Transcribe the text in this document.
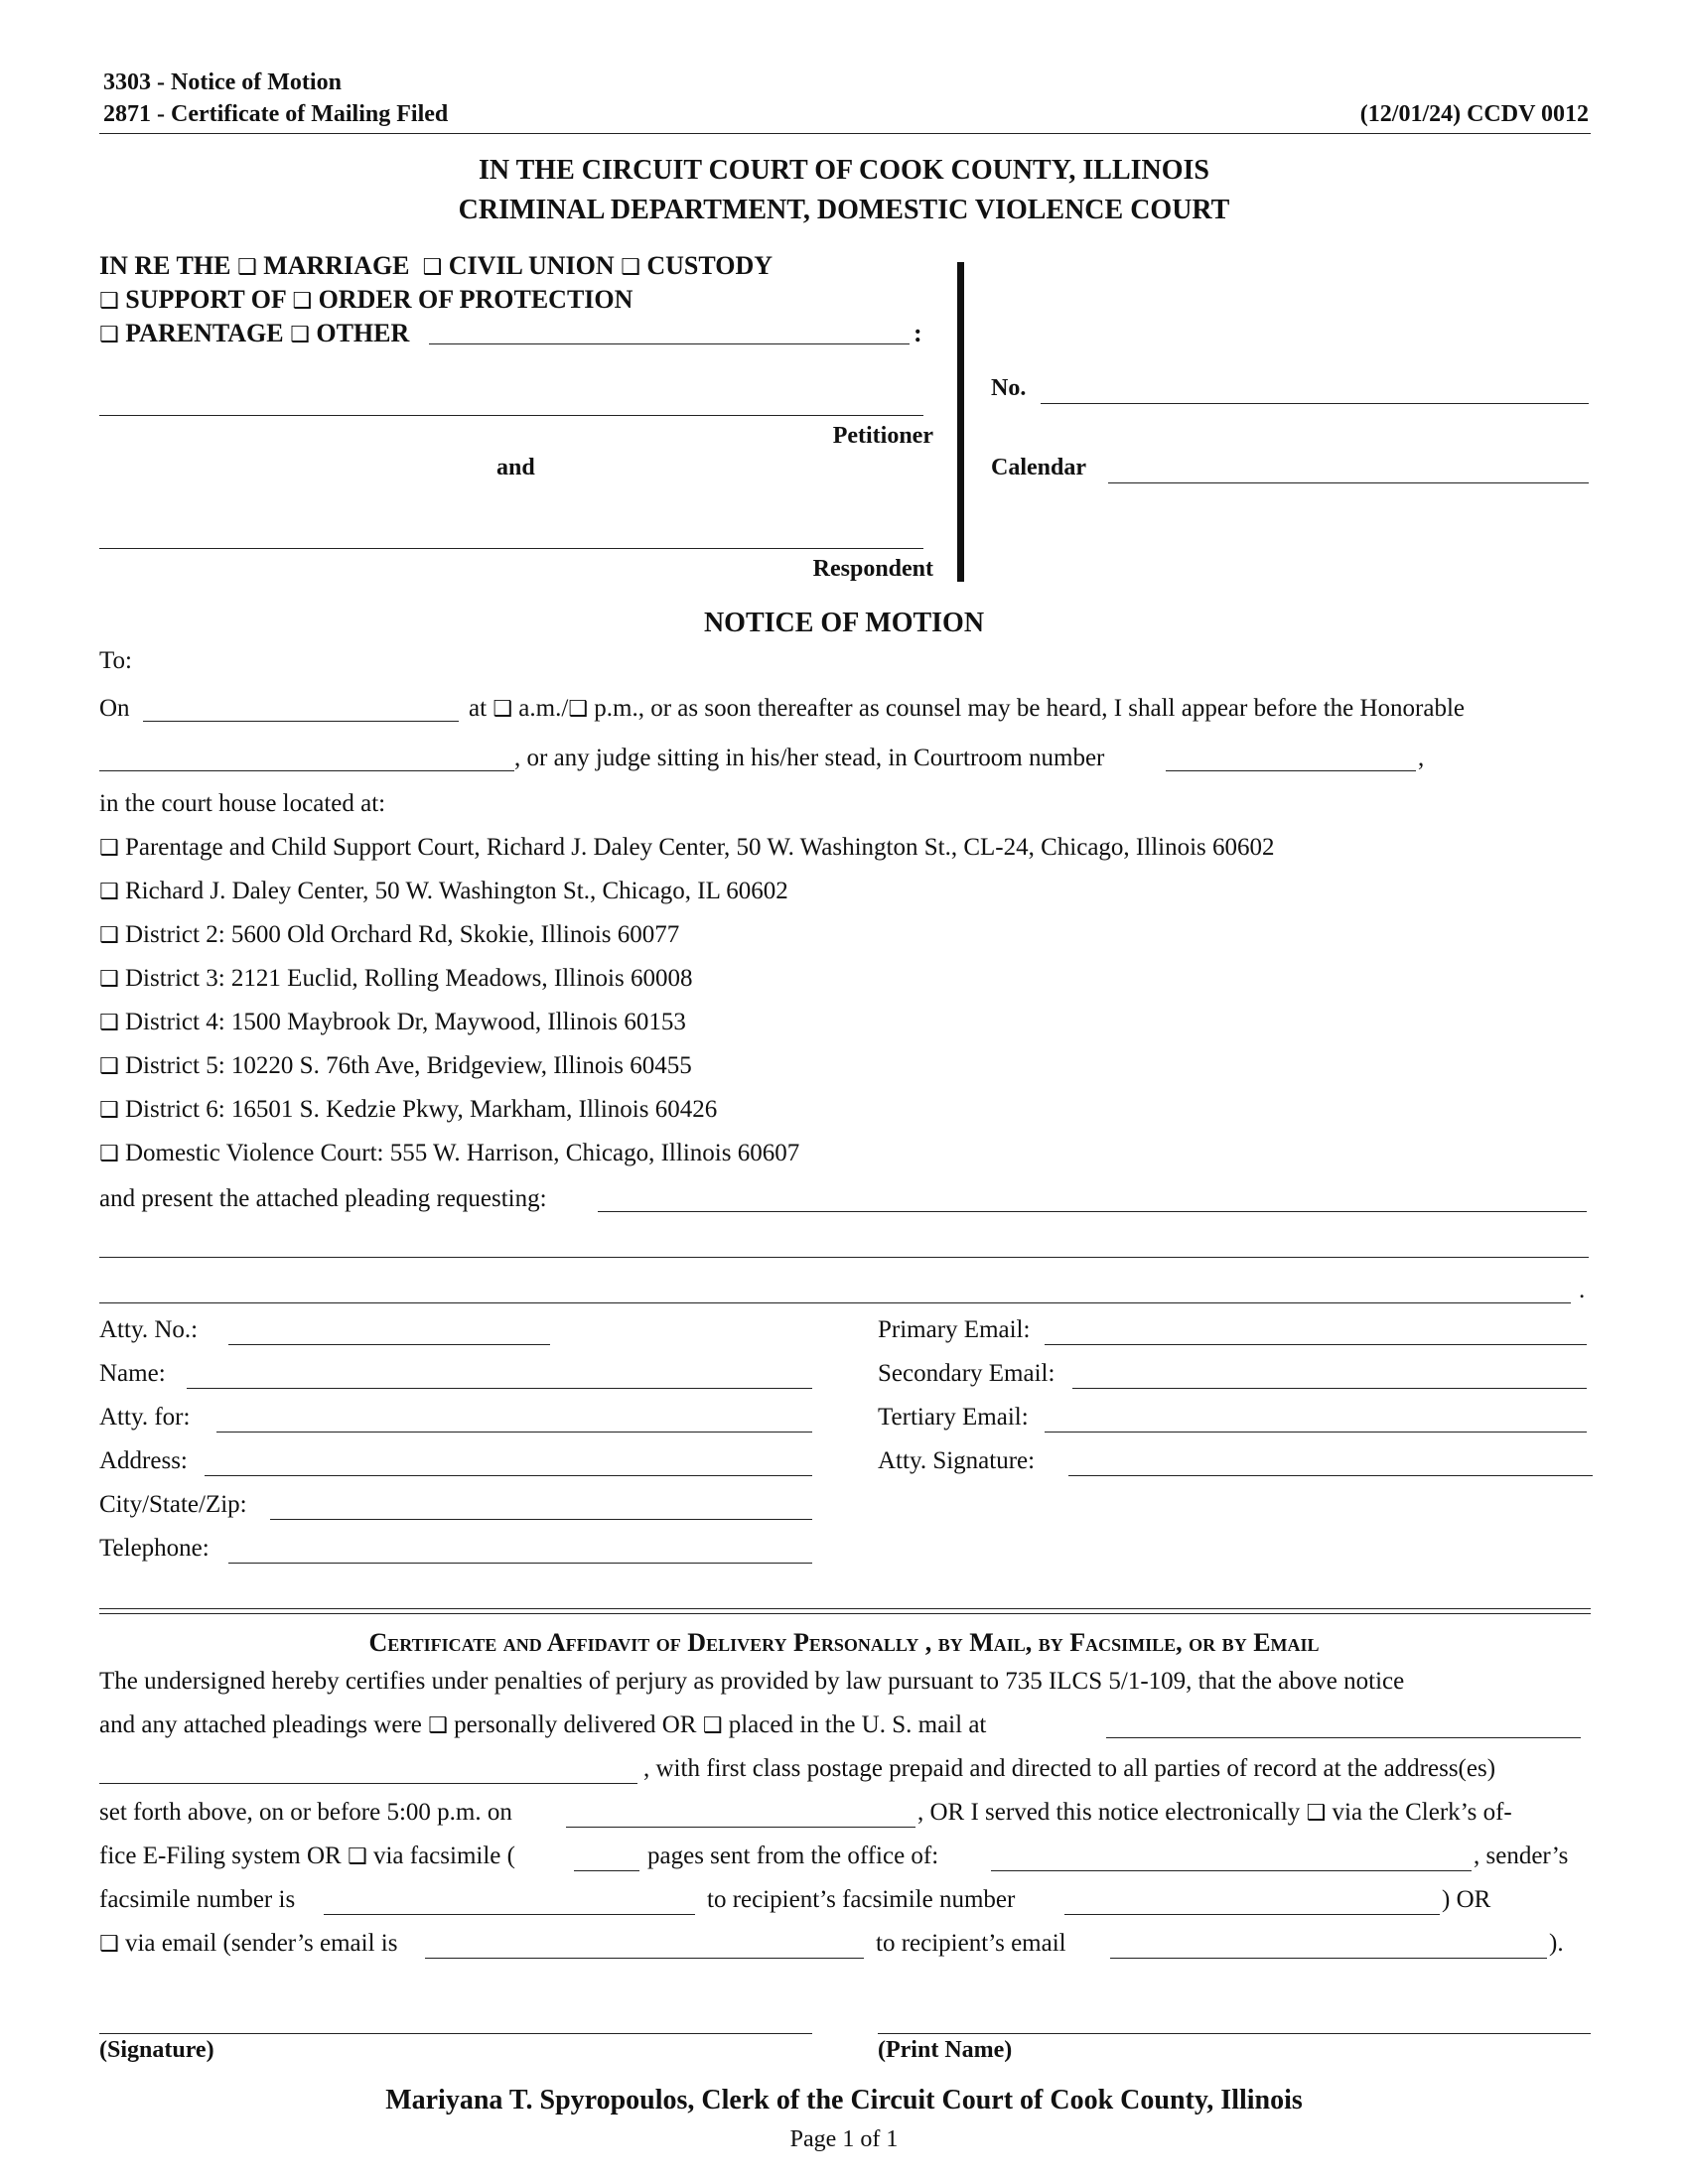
3303 - Notice of Motion
2871 - Certificate of Mailing Filed	(12/01/24) CCDV 0012
IN THE CIRCUIT COURT OF COOK COUNTY, ILLINOIS
CRIMINAL DEPARTMENT, DOMESTIC VIOLENCE COURT
IN RE THE ❑ MARRIAGE ❑ CIVIL UNION ❑ CUSTODY
❑ SUPPORT OF ❑ ORDER OF PROTECTION
❑ PARENTAGE ❑ OTHER	:
Petitioner
and
Respondent
No.
Calendar
NOTICE OF MOTION
To:
On	at ❑ a.m./❑ p.m., or as soon thereafter as counsel may be heard, I shall appear before the Honorable
, or any judge sitting in his/her stead, in Courtroom number	,
in the court house located at:
❑ Parentage and Child Support Court, Richard J. Daley Center, 50 W. Washington St., CL-24, Chicago, Illinois 60602
❑ Richard J. Daley Center, 50 W. Washington St., Chicago, IL 60602
❑ District 2: 5600 Old Orchard Rd, Skokie, Illinois 60077
❑ District 3: 2121 Euclid, Rolling Meadows, Illinois 60008
❑ District 4: 1500 Maybrook Dr, Maywood, Illinois 60153
❑ District 5: 10220 S. 76th Ave, Bridgeview, Illinois 60455
❑ District 6: 16501 S. Kedzie Pkwy, Markham, Illinois 60426
❑ Domestic Violence Court: 555 W. Harrison, Chicago, Illinois 60607
and present the attached pleading requesting:
.
Atty. No.:
Name:
Atty. for:
Address:
City/State/Zip:
Telephone:
Primary Email:
Secondary Email:
Tertiary Email:
Atty. Signature:
Certificate and Affidavit of Delivery Personally , by Mail, by Facsimile, or by Email
The undersigned hereby certifies under penalties of perjury as provided by law pursuant to 735 ILCS 5/1-109, that the above notice
and any attached pleadings were ❑ personally delivered OR ❑ placed in the U. S. mail at
, with first class postage prepaid and directed to all parties of record at the address(es)
set forth above, on or before 5:00 p.m. on	, OR I served this notice electronically ❑ via the Clerk’s of-
fice E-Filing system OR ❑ via facsimile (	pages sent from the office of:	, sender’s
facsimile number is	to recipient’s facsimile number	) OR
❑ via email (sender’s email is	to recipient’s email	).
(Signature)	(Print Name)
Mariyana T. Spyropoulos, Clerk of the Circuit Court of Cook County, Illinois
Page 1 of 1
